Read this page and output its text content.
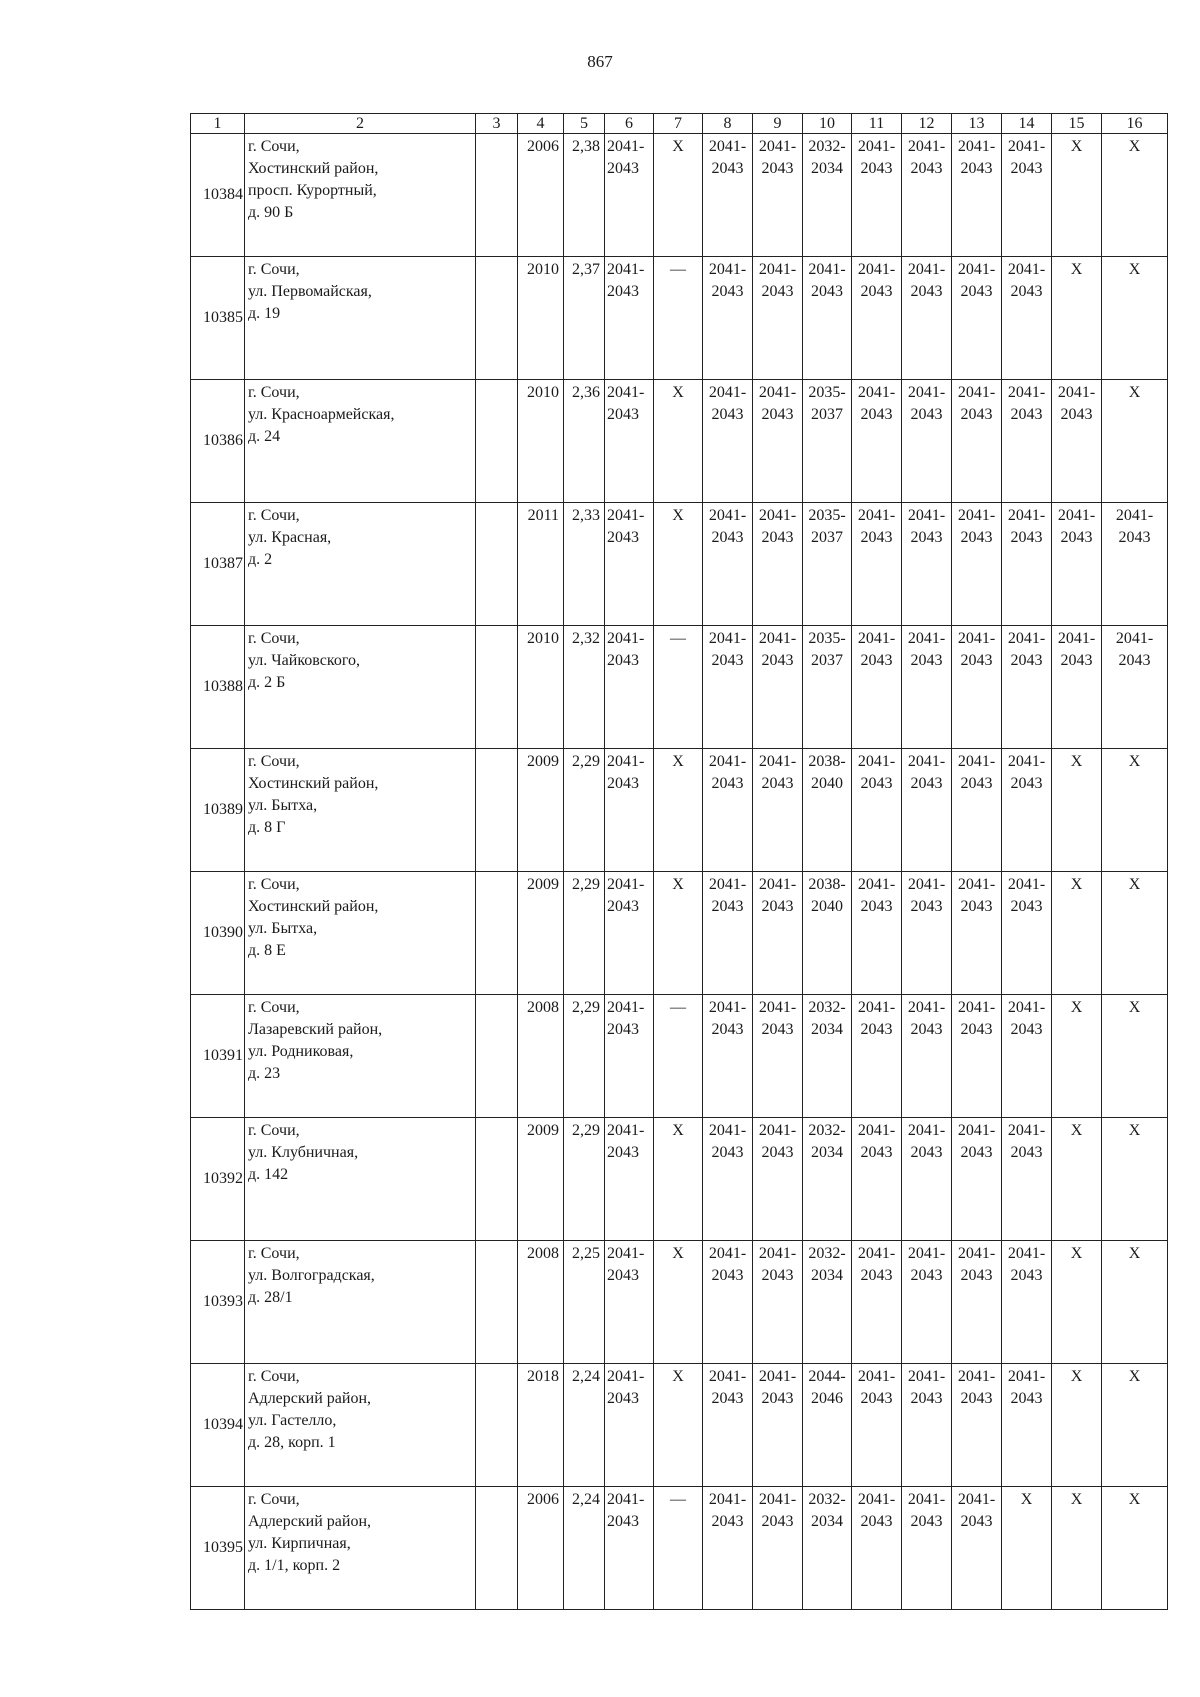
867
1	2	3	4	5	6	7	8	9	10	11	12	13	14	15	16
10384	г. Сочи,
Хостинский район,
просп. Курортный,
д. 90 Б		2006	2,38	2041-
2043	Х	2041-
2043	2041-
2043	2032-
2034	2041-
2043	2041-
2043	2041-
2043	2041-
2043	Х	Х

10385	г. Сочи,
ул. Первомайская,
д. 19		2010	2,37	2041-
2043	—	2041-
2043	2041-
2043	2041-
2043	2041-
2043	2041-
2043	2041-
2043	2041-
2043	Х	Х

10386	г. Сочи,
ул. Красноармейская,
д. 24		2010	2,36	2041-
2043	Х	2041-
2043	2041-
2043	2035-
2037	2041-
2043	2041-
2043	2041-
2043	2041-
2043	2041-
2043	Х

10387	г. Сочи,
ул. Красная,
д. 2		2011	2,33	2041-
2043	Х	2041-
2043	2041-
2043	2035-
2037	2041-
2043	2041-
2043	2041-
2043	2041-
2043	2041-
2043	2041-
2043

10388	г. Сочи,
ул. Чайковского,
д. 2 Б		2010	2,32	2041-
2043	—	2041-
2043	2041-
2043	2035-
2037	2041-
2043	2041-
2043	2041-
2043	2041-
2043	2041-
2043	2041-
2043

10389	г. Сочи,
Хостинский район,
ул. Бытха,
д. 8 Г		2009	2,29	2041-
2043	Х	2041-
2043	2041-
2043	2038-
2040	2041-
2043	2041-
2043	2041-
2043	2041-
2043	Х	Х

10390	г. Сочи,
Хостинский район,
ул. Бытха,
д. 8 Е		2009	2,29	2041-
2043	Х	2041-
2043	2041-
2043	2038-
2040	2041-
2043	2041-
2043	2041-
2043	2041-
2043	Х	Х

10391	г. Сочи,
Лазаревский район,
ул. Родниковая,
д. 23		2008	2,29	2041-
2043	—	2041-
2043	2041-
2043	2032-
2034	2041-
2043	2041-
2043	2041-
2043	2041-
2043	Х	Х

10392	г. Сочи,
ул. Клубничная,
д. 142		2009	2,29	2041-
2043	Х	2041-
2043	2041-
2043	2032-
2034	2041-
2043	2041-
2043	2041-
2043	2041-
2043	Х	Х

10393	г. Сочи,
ул. Волгоградская,
д. 28/1		2008	2,25	2041-
2043	Х	2041-
2043	2041-
2043	2032-
2034	2041-
2043	2041-
2043	2041-
2043	2041-
2043	Х	Х

10394	г. Сочи,
Адлерский район,
ул. Гастелло,
д. 28, корп. 1		2018	2,24	2041-
2043	Х	2041-
2043	2041-
2043	2044-
2046	2041-
2043	2041-
2043	2041-
2043	2041-
2043	Х	Х

10395	г. Сочи,
Адлерский район,
ул. Кирпичная,
д. 1/1, корп. 2		2006	2,24	2041-
2043	—	2041-
2043	2041-
2043	2032-
2034	2041-
2043	2041-
2043	2041-
2043	Х	Х	Х
